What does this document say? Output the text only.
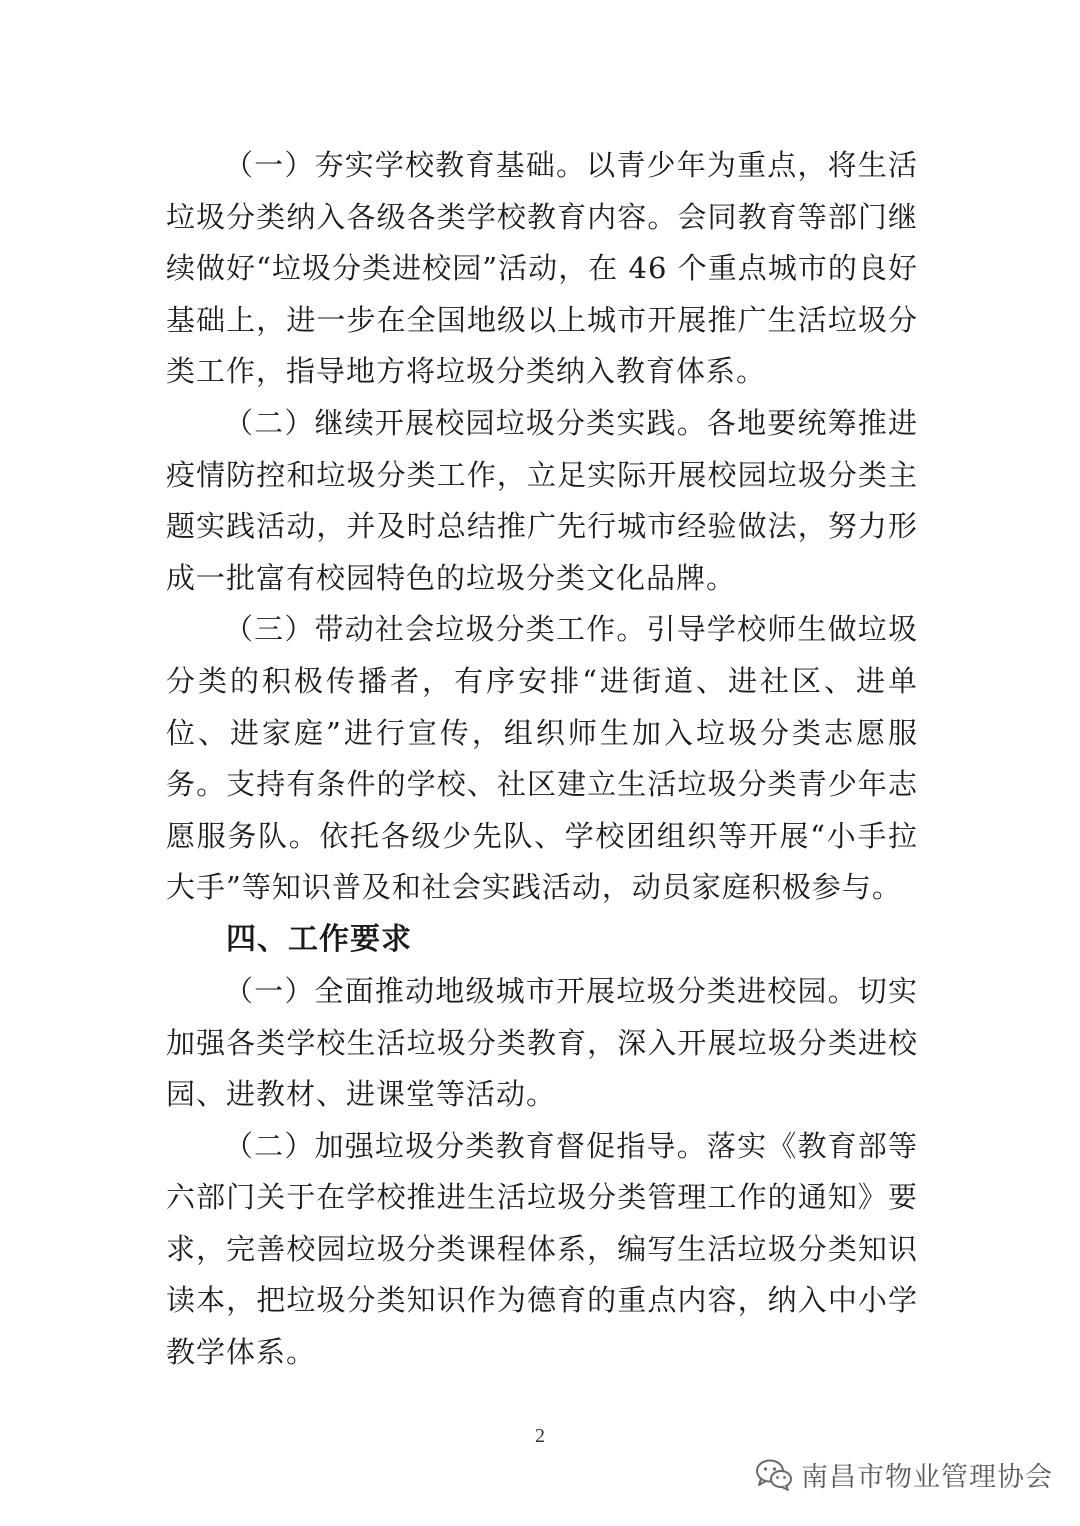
（一）夯实学校教育基础。以青少年为重点，将生活垃圾分类纳入各级各类学校教育内容。会同教育等部门继续做好“垃圾分类进校园”活动，在 46 个重点城市的良好基础上，进一步在全国地级以上城市开展推广生活垃圾分类工作，指导地方将垃圾分类纳入教育体系。

（二）继续开展校园垃圾分类实践。各地要统筹推进疫情防控和垃圾分类工作，立足实际开展校园垃圾分类主题实践活动，并及时总结推广先行城市经验做法，努力形成一批富有校园特色的垃圾分类文化品牌。

（三）带动社会垃圾分类工作。引导学校师生做垃圾分类的积极传播者，有序安排“进街道、进社区、进单位、进家庭”进行宣传，组织师生加入垃圾分类志愿服务。支持有条件的学校、社区建立生活垃圾分类青少年志愿服务队。依托各级少先队、学校团组织等开展“小手拉大手”等知识普及和社会实践活动，动员家庭积极参与。

四、工作要求

（一）全面推动地级城市开展垃圾分类进校园。切实加强各类学校生活垃圾分类教育，深入开展垃圾分类进校园、进教材、进课堂等活动。

（二）加强垃圾分类教育督促指导。落实《教育部等六部门关于在学校推进生活垃圾分类管理工作的通知》要求，完善校园垃圾分类课程体系，编写生活垃圾分类知识读本，把垃圾分类知识作为德育的重点内容，纳入中小学教学体系。

2
南昌市物业管理协会
